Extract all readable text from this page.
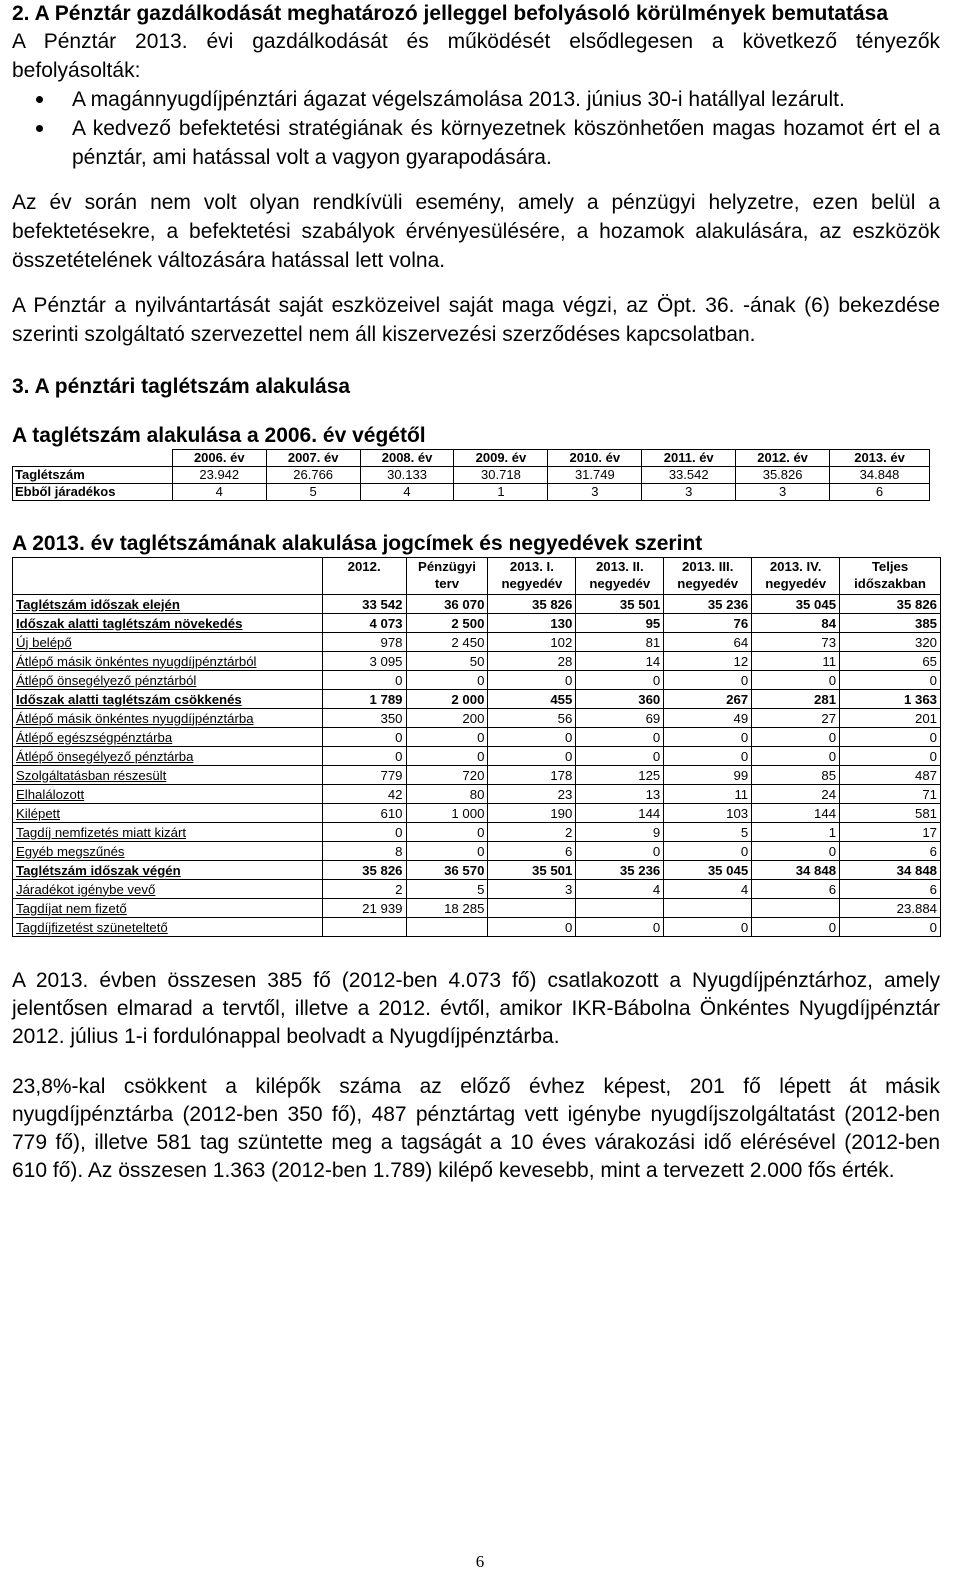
2. A Pénztár gazdálkodását meghatározó jelleggel befolyásoló körülmények bemutatása

A Pénztár 2013. évi gazdálkodását és működését elsődlegesen a következő tényezők befolyásolták:

A magánnyugdíjpénztári ágazat végelszámolása 2013. június 30-i hatállyal lezárult.
A kedvező befektetési stratégiának és környezetnek köszönhetően magas hozamot ért el a pénztár, ami hatással volt a vagyon gyarapodására.

Az év során nem volt olyan rendkívüli esemény, amely a pénzügyi helyzetre, ezen belül a befektetésekre, a befektetési szabályok érvényesülésére, a hozamok alakulására, az eszközök összetételének változására hatással lett volna.

A Pénztár a nyilvántartását saját eszközeivel saját maga végzi, az Öpt. 36. -ának (6) bekezdése szerinti szolgáltató szervezettel nem áll kiszervezési szerződéses kapcsolatban.

3. A pénztári taglétszám alakulása
A taglétszám alakulása a 2006. év végétől
	2006. év	2007. év	2008. év	2009. év	2010. év	2011. év	2012. év	2013. év
Taglétszám	23.942	26.766	30.133	30.718	31.749	33.542	35.826	34.848
Ebből járadékos	4	5	4	1	3	3	3	6
A 2013. év taglétszámának alakulása jogcímek és negyedévek szerint
	2012.	Pénzügyi terv	2013. I. negyedév	2013. II. negyedév	2013. III. negyedév	2013. IV. negyedév	Teljes időszakban
Taglétszám időszak elején	33 542	36 070	35 826	35 501	35 236	35 045	35 826
Időszak alatti taglétszám növekedés	4 073	2 500	130	95	76	84	385
Új belépő	978	2 450	102	81	64	73	320
Átlépő másik önkéntes nyugdíjpénztárból	3 095	50	28	14	12	11	65
Átlépő önsegélyező pénztárból	0	0	0	0	0	0	0
Időszak alatti taglétszám csökkenés	1 789	2 000	455	360	267	281	1 363
Átlépő másik önkéntes nyugdíjpénztárba	350	200	56	69	49	27	201
Átlépő egészségpénztárba	0	0	0	0	0	0	0
Átlépő önsegélyező pénztárba	0	0	0	0	0	0	0
Szolgáltatásban részesült	779	720	178	125	99	85	487
Elhalálozott	42	80	23	13	11	24	71
Kilépett	610	1 000	190	144	103	144	581
Tagdíj nemfizetés miatt kizárt	0	0	2	9	5	1	17
Egyéb megszűnés	8	0	6	0	0	0	6
Taglétszám időszak végén	35 826	36 570	35 501	35 236	35 045	34 848	34 848
Járadékot igénybe vevő	2	5	3	4	4	6	6
Tagdíjat nem fizető	21 939	18 285					23.884
Tagdíjfizetést szüneteltető			0	0	0	0	0

A 2013. évben összesen 385 fő (2012-ben 4.073 fő) csatlakozott a Nyugdíjpénztárhoz, amely jelentősen elmarad a tervtől, illetve a 2012. évtől, amikor IKR-Bábolna Önkéntes Nyugdíjpénztár 2012. július 1-i fordulónappal beolvadt a Nyugdíjpénztárba.

23,8%-kal csökkent a kilépők száma az előző évhez képest, 201 fő lépett át másik nyugdíjpénztárba (2012-ben 350 fő), 487 pénztártag vett igénybe nyugdíjszolgáltatást (2012-ben 779 fő), illetve 581 tag szüntette meg a tagságát a 10 éves várakozási idő elérésével (2012-ben 610 fő). Az összesen 1.363 (2012-ben 1.789) kilépő kevesebb, mint a tervezett 2.000 fős érték.

6
